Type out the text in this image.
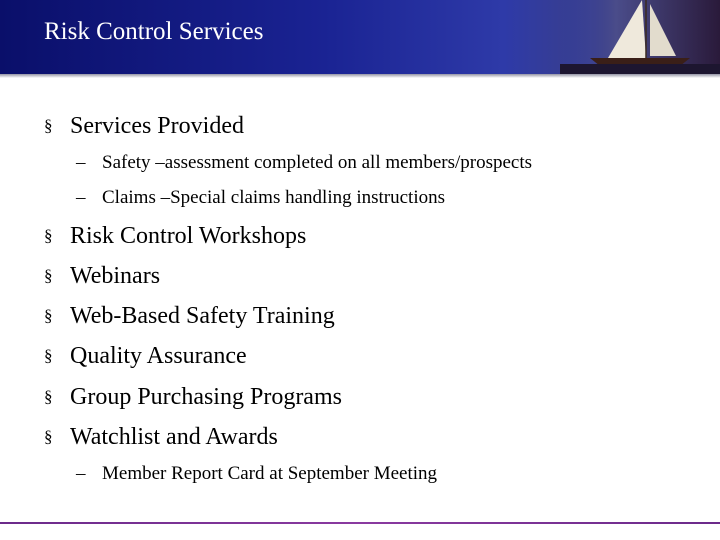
Risk Control Services
§ Services Provided
– Safety –assessment completed on all members/prospects
– Claims –Special claims handling instructions
§ Risk Control Workshops
§ Webinars
§ Web-Based Safety Training
§ Quality Assurance
§ Group Purchasing Programs
§ Watchlist and Awards
– Member Report Card at September Meeting
